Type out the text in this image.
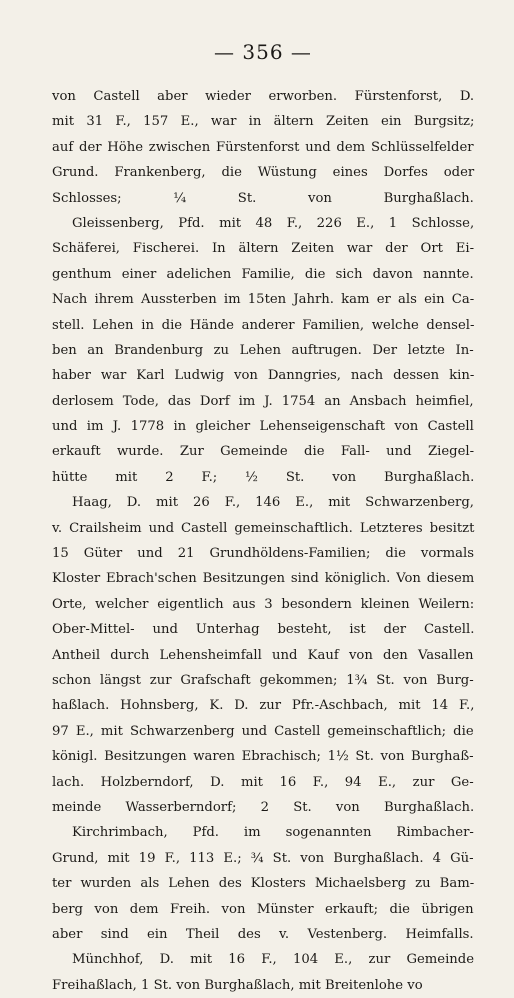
— 356 —
von Castell aber wieder erworben. Fürstenforst, D.
mit 31 F., 157 E., war in ältern Zeiten ein Burgsitz;
auf der Höhe zwischen Fürstenforst und dem Schlüsselfelder
Grund. Frankenberg, die Wüstung eines Dorfes oder
Schlosses; ¼ St. von Burghaßlach.
Gleissenberg, Pfd. mit 48 F., 226 E., 1 Schlosse,
Schäferei, Fischerei. In ältern Zeiten war der Ort Ei-
genthum einer adelichen Familie, die sich davon nannte.
Nach ihrem Aussterben im 15ten Jahrh. kam er als ein Ca-
stell. Lehen in die Hände anderer Familien, welche densel-
ben an Brandenburg zu Lehen auftrugen. Der letzte In-
haber war Karl Ludwig von Danngries, nach dessen kin-
derlosem Tode, das Dorf im J. 1754 an Ansbach heimfiel,
und im J. 1778 in gleicher Lehenseigenschaft von Castell
erkauft wurde. Zur Gemeinde die Fall- und Ziegel-
hütte mit 2 F.; ½ St. von Burghaßlach.
Haag, D. mit 26 F., 146 E., mit Schwarzenberg,
v. Crailsheim und Castell gemeinschaftlich. Letzteres besitzt
15 Güter und 21 Grundhöldens-Familien; die vormals
Kloster Ebrach'schen Besitzungen sind königlich. Von diesem
Orte, welcher eigentlich aus 3 besondern kleinen Weilern:
Ober-Mittel- und Unterhag besteht, ist der Castell.
Antheil durch Lehensheimfall und Kauf von den Vasallen
schon längst zur Grafschaft gekommen; 1¾ St. von Burg-
haßlach. Hohnsberg, K. D. zur Pfr.-Aschbach, mit 14 F.,
97 E., mit Schwarzenberg und Castell gemeinschaftlich; die
königl. Besitzungen waren Ebrachisch; 1½ St. von Burghaß-
lach. Holzberndorf, D. mit 16 F., 94 E., zur Ge-
meinde Wasserberndorf; 2 St. von Burghaßlach.
Kirchrimbach, Pfd. im sogenannten Rimbacher-
Grund, mit 19 F., 113 E.; ¾ St. von Burghaßlach. 4 Gü-
ter wurden als Lehen des Klosters Michaelsberg zu Bam-
berg von dem Freih. von Münster erkauft; die übrigen
aber sind ein Theil des v. Vestenberg. Heimfalls.
Münchhof, D. mit 16 F., 104 E., zur Gemeinde
Freihaßlach, 1 St. von Burghaßlach, mit Breitenlohe vo
